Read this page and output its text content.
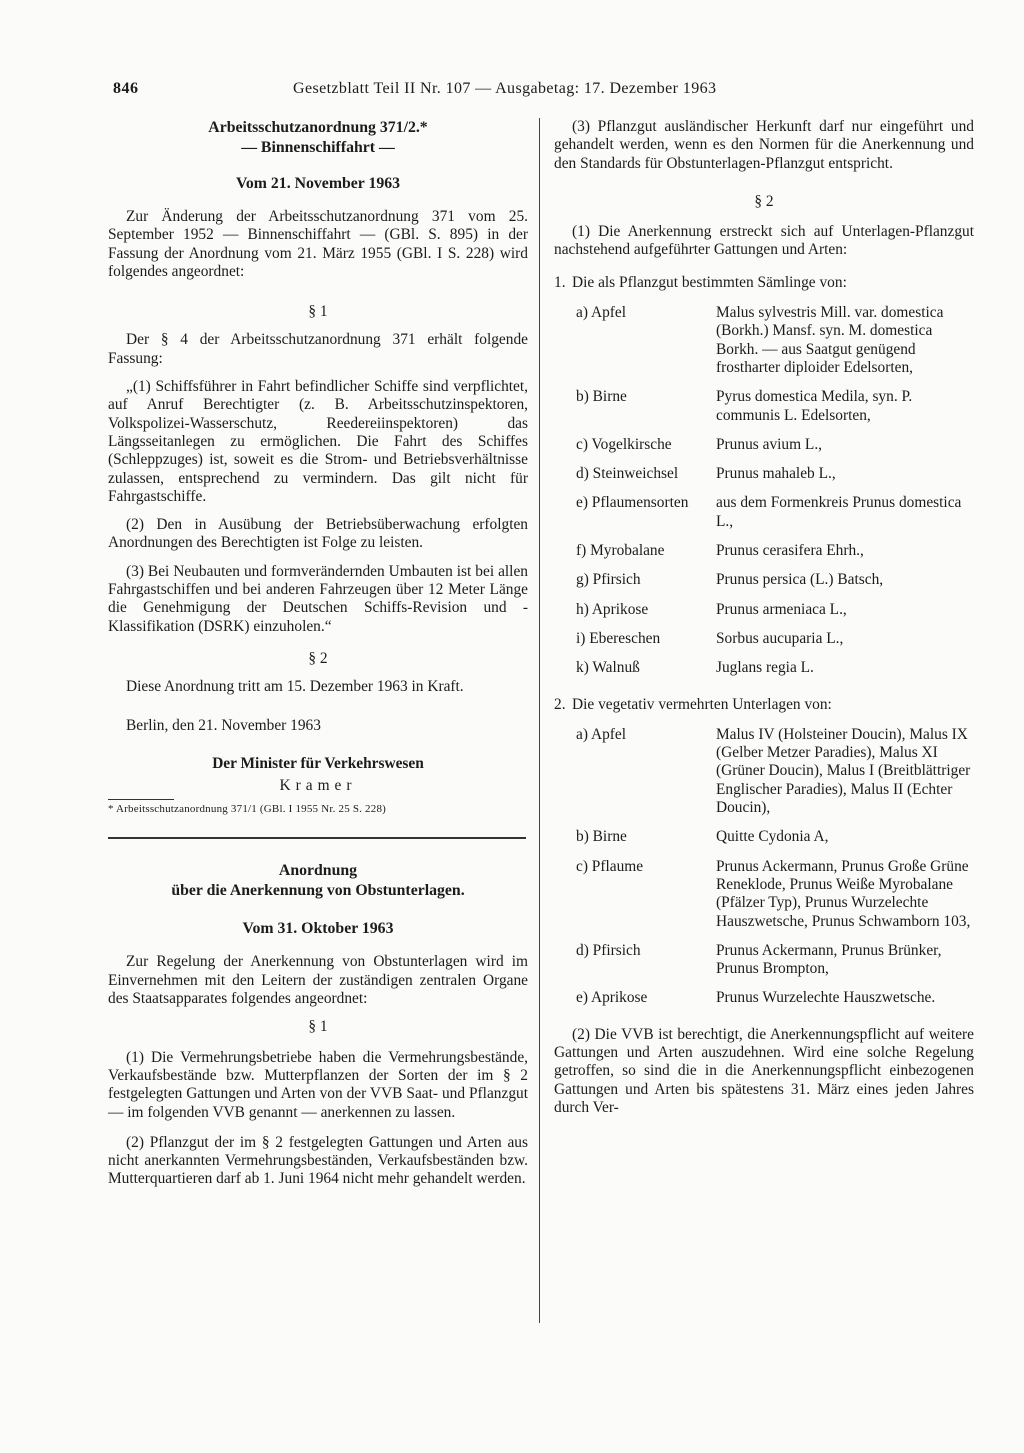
846	Gesetzblatt Teil II Nr. 107 — Ausgabetag: 17. Dezember 1963
Arbeitsschutzanordnung 371/2.*
— Binnenschiffahrt —
Vom 21. November 1963

Zur Änderung der Arbeitsschutzanordnung 371 vom 25. September 1952 — Binnenschiffahrt — (GBl. S. 895) in der Fassung der Anordnung vom 21. März 1955 (GBl. I S. 228) wird folgendes angeordnet:

§ 1

Der § 4 der Arbeitsschutzanordnung 371 erhält folgende Fassung:

„(1) Schiffsführer in Fahrt befindlicher Schiffe sind verpflichtet, auf Anruf Berechtigter (z. B. Arbeitsschutzinspektoren, Volkspolizei-Wasserschutz, Reedereiinspektoren) das Längsseitanlegen zu ermöglichen. Die Fahrt des Schiffes (Schleppzuges) ist, soweit es die Strom- und Betriebsverhältnisse zulassen, entsprechend zu vermindern. Das gilt nicht für Fahrgastschiffe.

(2) Den in Ausübung der Betriebsüberwachung erfolgten Anordnungen des Berechtigten ist Folge zu leisten.

(3) Bei Neubauten und formverändernden Umbauten ist bei allen Fahrgastschiffen und bei anderen Fahrzeugen über 12 Meter Länge die Genehmigung der Deutschen Schiffs-Revision und -Klassifikation (DSRK) einzuholen.“

§ 2

Diese Anordnung tritt am 15. Dezember 1963 in Kraft.

Berlin, den 21. November 1963

Der Minister für Verkehrswesen

Kramer

* Arbeitsschutzanordnung 371/1 (GBl. I 1955 Nr. 25 S. 228)

Anordnung
über die Anerkennung von Obstunterlagen.
Vom 31. Oktober 1963

Zur Regelung der Anerkennung von Obstunterlagen wird im Einvernehmen mit den Leitern der zuständigen zentralen Organe des Staatsapparates folgendes angeordnet:

§ 1

(1) Die Vermehrungsbetriebe haben die Vermehrungsbestände, Verkaufsbestände bzw. Mutterpflanzen der Sorten der im § 2 festgelegten Gattungen und Arten von der VVB Saat- und Pflanzgut — im folgenden VVB genannt — anerkennen zu lassen.

(2) Pflanzgut der im § 2 festgelegten Gattungen und Arten aus nicht anerkannten Vermehrungsbeständen, Verkaufsbeständen bzw. Mutterquartieren darf ab 1. Juni 1964 nicht mehr gehandelt werden.

(3) Pflanzgut ausländischer Herkunft darf nur eingeführt und gehandelt werden, wenn es den Normen für die Anerkennung und den Standards für Obstunterlagen-Pflanzgut entspricht.

§ 2

(1) Die Anerkennung erstreckt sich auf Unterlagen-Pflanzgut nachstehend aufgeführter Gattungen und Arten:

1. Die als Pflanzgut bestimmten Sämlinge von:
a) Apfel	Malus sylvestris Mill. var. domestica (Borkh.) Mansf. syn. M. domestica Borkh. — aus Saatgut genügend frostharter diploider Edelsorten,
b) Birne	Pyrus domestica Medila, syn. P. communis L. Edelsorten,
c) Vogelkirsche	Prunus avium L.,
d) Steinweichsel	Prunus mahaleb L.,
e) Pflaumensorten	aus dem Formenkreis Prunus domestica L.,
f) Myrobalane	Prunus cerasifera Ehrh.,
g) Pfirsich	Prunus persica (L.) Batsch,
h) Aprikose	Prunus armeniaca L.,
i) Ebereschen	Sorbus aucuparia L.,
k) Walnuß	Juglans regia L.
2. Die vegetativ vermehrten Unterlagen von:
a) Apfel	Malus IV (Holsteiner Doucin), Malus IX (Gelber Metzer Paradies), Malus XI (Grüner Doucin), Malus I (Breitblättriger Englischer Paradies), Malus II (Echter Doucin),
b) Birne	Quitte Cydonia A,
c) Pflaume	Prunus Ackermann, Prunus Große Grüne Reneklode, Prunus Weiße Myrobalane (Pfälzer Typ), Prunus Wurzelechte Hauszwetsche, Prunus Schwamborn 103,
d) Pfirsich	Prunus Ackermann, Prunus Brünker, Prunus Brompton,
e) Aprikose	Prunus Wurzelechte Hauszwetsche.

(2) Die VVB ist berechtigt, die Anerkennungspflicht auf weitere Gattungen und Arten auszudehnen. Wird eine solche Regelung getroffen, so sind die in die Anerkennungspflicht einbezogenen Gattungen und Arten bis spätestens 31. März eines jeden Jahres durch Ver-
